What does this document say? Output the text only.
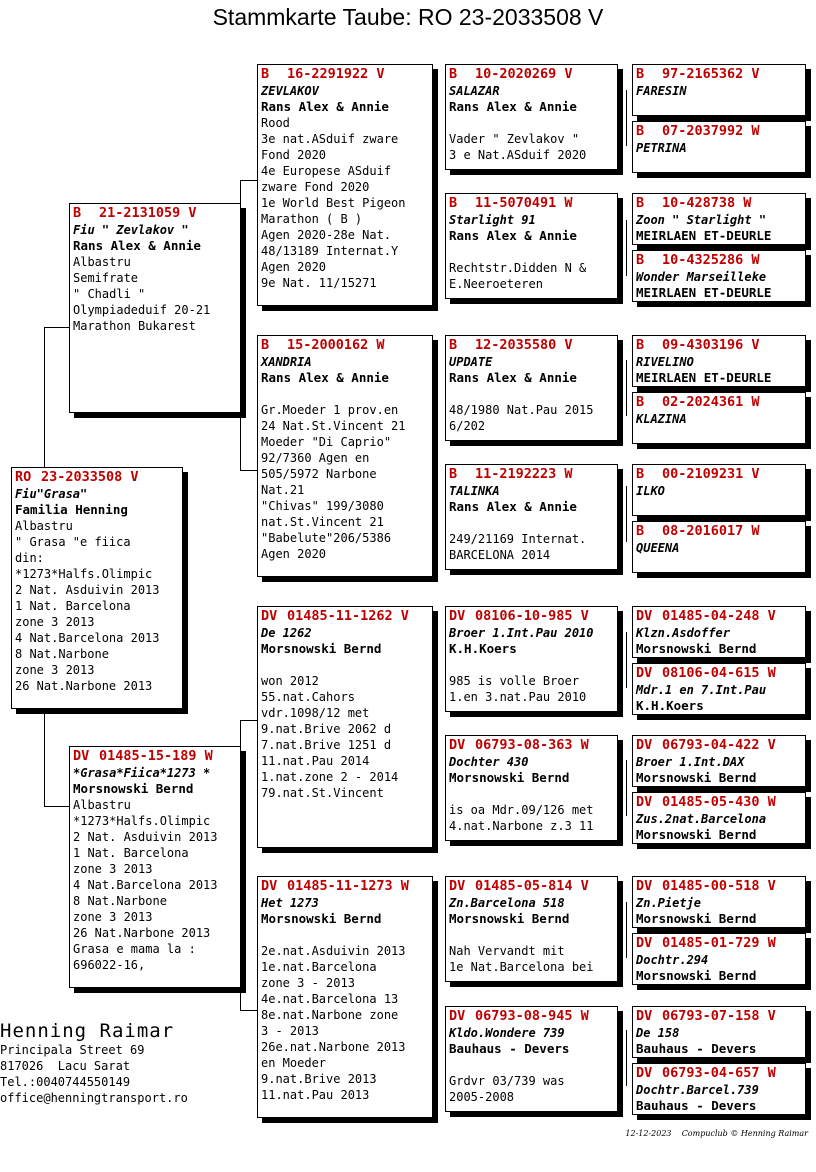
Stammkarte Taube: RO 23-2033508 V
RO 23-2033508 V
Fiu"Grasa"
Familia Henning
Albastru
" Grasa "e fiica
din:
*1273*Halfs.Olimpic
2 Nat. Asduivin 2013
1 Nat. Barcelona
zone 3 2013
4 Nat.Barcelona 2013
8 Nat.Narbone
zone 3 2013
26 Nat.Narbone 2013
B 21-2131059 V
Fiu " Zevlakov "
Rans Alex & Annie
Albastru
Semifrate
" Chadli "
Olympiadeduif 20-21
Marathon Bukarest
DV 01485-15-189 W
*Grasa*Fiica*1273 *
Morsnowski Bernd
Albastru
*1273*Halfs.Olimpic
2 Nat. Asduivin 2013
1 Nat. Barcelona
zone 3 2013
4 Nat.Barcelona 2013
8 Nat.Narbone
zone 3 2013
26 Nat.Narbone 2013
Grasa e mama la :
696022-16,
B 16-2291922 V
ZEVLAKOV
Rans Alex & Annie
Rood
3e nat.ASduif zware
Fond 2020
4e Europese ASduif
zware Fond 2020
1e World Best Pigeon
Marathon ( B )
Agen 2020-28e Nat.
48/13189 Internat.Y
Agen 2020
9e Nat. 11/15271
B 15-2000162 W
XANDRIA
Rans Alex & Annie
Gr.Moeder 1 prov.en
24 Nat.St.Vincent 21
Moeder "Di Caprio"
92/7360 Agen en
505/5972 Narbone
Nat.21
"Chivas" 199/3080
nat.St.Vincent 21
"Babelute"206/5386
Agen 2020
DV 01485-11-1262 V
De 1262
Morsnowski Bernd
won 2012
55.nat.Cahors
vdr.1098/12 met
9.nat.Brive 2062 d
7.nat.Brive 1251 d
11.nat.Pau 2014
1.nat.zone 2 - 2014
79.nat.St.Vincent
DV 01485-11-1273 W
Het 1273
Morsnowski Bernd
2e.nat.Asduivin 2013
1e.nat.Barcelona
zone 3 - 2013
4e.nat.Barcelona 13
8e.nat.Narbone zone
3 - 2013
26e.nat.Narbone 2013
en Moeder
9.nat.Brive 2013
11.nat.Pau 2013
B 10-2020269 V
SALAZAR
Rans Alex & Annie
Vader " Zevlakov "
3 e Nat.ASduif 2020
B 11-5070491 W
Starlight 91
Rans Alex & Annie
Rechtstr.Didden N &
E.Neeroeteren
B 12-2035580 V
UPDATE
Rans Alex & Annie
48/1980 Nat.Pau 2015
6/202
B 11-2192223 W
TALINKA
Rans Alex & Annie
249/21169 Internat.
BARCELONA 2014
DV 08106-10-985 V
Broer 1.Int.Pau 2010
K.H.Koers
985 is volle Broer
1.en 3.nat.Pau 2010
DV 06793-08-363 W
Dochter 430
Morsnowski Bernd
is oa Mdr.09/126 met
4.nat.Narbone z.3 11
DV 01485-05-814 V
Zn.Barcelona 518
Morsnowski Bernd
Nah Vervandt mit
1e Nat.Barcelona bei
DV 06793-08-945 W
Kldo.Wondere 739
Bauhaus - Devers
Grdvr 03/739 was
2005-2008
B 97-2165362 V
FARESIN
B 07-2037992 W
PETRINA
B 10-428738 W
Zoon " Starlight "
MEIRLAEN ET-DEURLE
B 10-4325286 W
Wonder Marseilleke
MEIRLAEN ET-DEURLE
B 09-4303196 V
RIVELINO
MEIRLAEN ET-DEURLE
B 02-2024361 W
KLAZINA
B 00-2109231 V
ILKO
B 08-2016017 W
QUEENA
DV 01485-04-248 V
Klzn.Asdoffer
Morsnowski Bernd
DV 08106-04-615 W
Mdr.1 en 7.Int.Pau
K.H.Koers
DV 06793-04-422 V
Broer 1.Int.DAX
Morsnowski Bernd
DV 01485-05-430 W
Zus.2nat.Barcelona
Morsnowski Bernd
DV 01485-00-518 V
Zn.Pietje
Morsnowski Bernd
DV 01485-01-729 W
Dochtr.294
Morsnowski Bernd
DV 06793-07-158 V
De 158
Bauhaus - Devers
DV 06793-04-657 W
Dochtr.Barcel.739
Bauhaus - Devers
Henning Raimar
Principala Street 69
817026  Lacu Sarat
Tel.:0040744550149
office@henningtransport.ro
12-12-2023    Compuclub © Henning Raimar
